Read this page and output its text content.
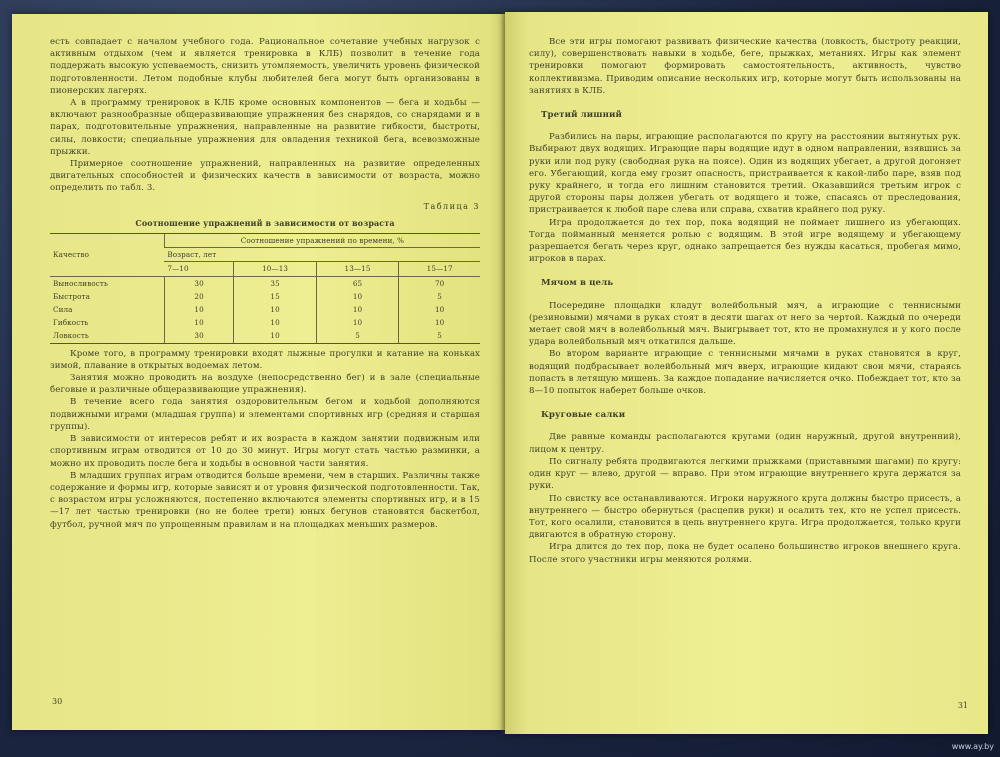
есть совпадает с началом учебного года. Рациональное сочетание учебных нагрузок с активным отдыхом (чем и является тренировка в КЛБ) позволит в течение года поддержать высокую успеваемость, снизить утомляемость, увеличить уровень физической подготовленности. Летом подобные клубы любителей бега могут быть организованы в пионерских лагерях.

А в программу тренировок в КЛБ кроме основных компонентов — бега и ходьбы — включают разнообразные общеразвивающие упражнения без снарядов, со снарядами и в парах, подготовительные упражнения, направленные на развитие гибкости, быстроты, силы, ловкости; специальные упражнения для овладения техникой бега, всевозможные прыжки.

Примерное соотношение упражнений, направленных на развитие определенных двигательных способностей и физических качеств в зависимости от возраста, можно определить по табл. 3.

Таблица 3
Соотношение упражнений в зависимости от возраста
Качество	Соотношение упражнений по времени, %			
	Возраст, лет			
	7—10	10—13	13—15	15—17
Выносливость	30	35	65	70
Быстрота	20	15	10	5
Сила	10	10	10	10
Гибкость	10	10	10	10
Ловкость	30	10	5	5

Кроме того, в программу тренировки входят лыжные прогулки и катание на коньках зимой, плавание в открытых водоемах летом.

Занятия можно проводить на воздухе (непосредственно бег) и в зале (специальные беговые и различные общеразвивающие упражнения).

В течение всего года занятия оздоровительным бегом и ходьбой дополняются подвижными играми (младшая группа) и элементами спортивных игр (средняя и старшая группы).

В зависимости от интересов ребят и их возраста в каждом занятии подвижным или спортивным играм отводится от 10 до 30 минут. Игры могут стать частью разминки, а можно их проводить после бега и ходьбы в основной части занятия.

В младших группах играм отводится больше времени, чем в старших. Различны также содержание и формы игр, которые зависят и от уровня физической подготовленности. Так, с возрастом игры усложняются, постепенно включаются элементы спортивных игр, и в 15—17 лет частью тренировки (но не более трети) юных бегунов становятся баскетбол, футбол, ручной мяч по упрощенным правилам и на площадках меньших размеров.

30

Все эти игры помогают развивать физические качества (ловкость, быстроту реакции, силу), совершенствовать навыки в ходьбе, беге, прыжках, метаниях. Игры как элемент тренировки помогают формировать самостоятельность, активность, чувство коллективизма. Приводим описание нескольких игр, которые могут быть использованы на занятиях в КЛБ.

Третий лишний

Разбились на пары, играющие располагаются по кругу на расстоянии вытянутых рук. Выбирают двух водящих. Играющие пары водящие идут в одном направлении, взявшись за руки или под руку (свободная рука на поясе). Один из водящих убегает, а другой догоняет его. Убегающий, когда ему грозит опасность, пристраивается к какой-либо паре, взяв под руку крайнего, и тогда его лишним становится третий. Оказавшийся третьим игрок с другой стороны пары должен убегать от водящего и тоже, спасаясь от преследования, пристраивается к любой паре слева или справа, схватив крайнего под руку.

Игра продолжается до тех пор, пока водящий не поймает лишнего из убегающих. Тогда пойманный меняется ролью с водящим. В этой игре водящему и убегающему разрешается бегать через круг, однако запрещается без нужды касаться, пробегая мимо, игроков в парах.

Мячом в цель

Посередине площадки кладут волейбольный мяч, а играющие с теннисными (резиновыми) мячами в руках стоят в десяти шагах от него за чертой. Каждый по очереди метает свой мяч в волейбольный мяч. Выигрывает тот, кто не промахнулся и у кого после удара волейбольный мяч откатился дальше.

Во втором варианте играющие с теннисными мячами в руках становятся в круг, водящий подбрасывает волейбольный мяч вверх, играющие кидают свои мячи, стараясь попасть в летящую мишень. За каждое попадание начисляется очко. Побеждает тот, кто за 8—10 попыток наберет больше очков.

Круговые салки

Две равные команды располагаются кругами (один наружный, другой внутренний), лицом к центру.

По сигналу ребята продвигаются легкими прыжками (приставными шагами) по кругу: один круг — влево, другой — вправо. При этом играющие внутреннего круга держатся за руки.

По свистку все останавливаются. Игроки наружного круга должны быстро присесть, а внутреннего — быстро обернуться (расцепив руки) и осалить тех, кто не успел присесть. Тот, кого осалили, становится в цепь внутреннего круга. Игра продолжается, только круги двигаются в обратную сторону.

Игра длится до тех пор, пока не будет осалено большинство игроков внешнего круга. После этого участники игры меняются ролями.

31
www.ay.by
